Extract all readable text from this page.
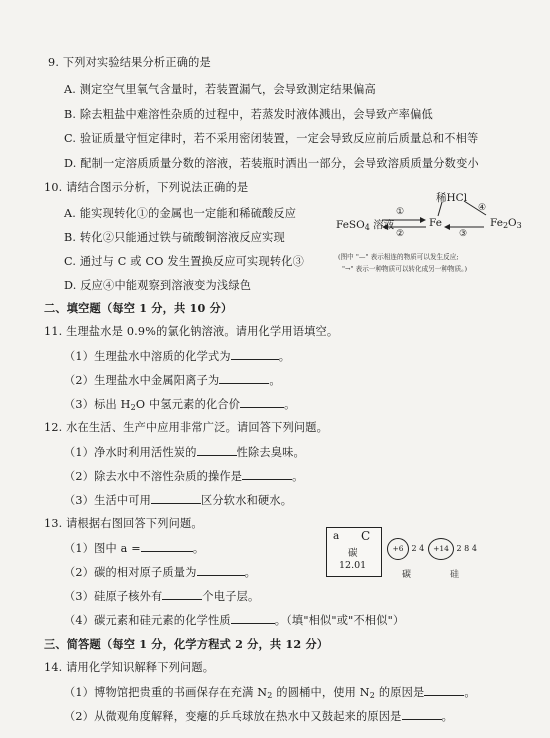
9. 下列对实验结果分析正确的是
A. 测定空气里氧气含量时，若装置漏气，会导致测定结果偏高
B. 除去粗盐中难溶性杂质的过程中，若蒸发时液体溅出，会导致产率偏低
C. 验证质量守恒定律时，若不采用密闭装置，一定会导致反应前后质量总和不相等
D. 配制一定溶质质量分数的溶液，若装瓶时洒出一部分，会导致溶质质量分数变小
10. 请结合图示分析，下列说法正确的是
A. 能实现转化①的金属也一定能和稀硫酸反应
B. 转化②只能通过铁与硫酸铜溶液反应实现
C. 通过与 C 或 CO 发生置换反应可实现转化③
D. 反应④中能观察到溶液变为浅绿色
稀HCl
FeSO$_4$ 溶液	Fe	$Fe_2O_3$
①
②	③
④
(图中 "—" 表示相连的物质可以发生反应;
"→" 表示一种物质可以转化成另一种物质。)
二、填空题（每空 1 分，共 10 分）
11. 生理盐水是 0.9%的氯化钠溶液。请用化学用语填空。
（1）生理盐水中溶质的化学式为	。
（2）生理盐水中金属阳离子为	。
（3）标出 $H_2O$ 中氢元素的化合价	。
12. 水在生活、生产中应用非常广泛。请回答下列问题。
（1）净水时利用活性炭的	性除去臭味。
（2）除去水中不溶性杂质的操作是	。
（3）生活中可用	区分软水和硬水。
13. 请根据右图回答下列问题。
（1）图中 a =	。
（2）碳的相对原子质量为	。
（3）硅原子核外有	个电子层。
（4）碳元素和硅元素的化学性质	。（填"相似"或"不相似"）
a C
碳
12.01
+6 2 4
碳
+14 2 8 4
硅
三、简答题（每空 1 分，化学方程式 2 分，共 12 分）
14. 请用化学知识解释下列问题。
（1）博物馆把贵重的书画保存在充满 $N_2$ 的圆桶中，使用 $N_2$ 的原因是	。
（2）从微观角度解释，变瘪的乒乓球放在热水中又鼓起来的原因是	。
